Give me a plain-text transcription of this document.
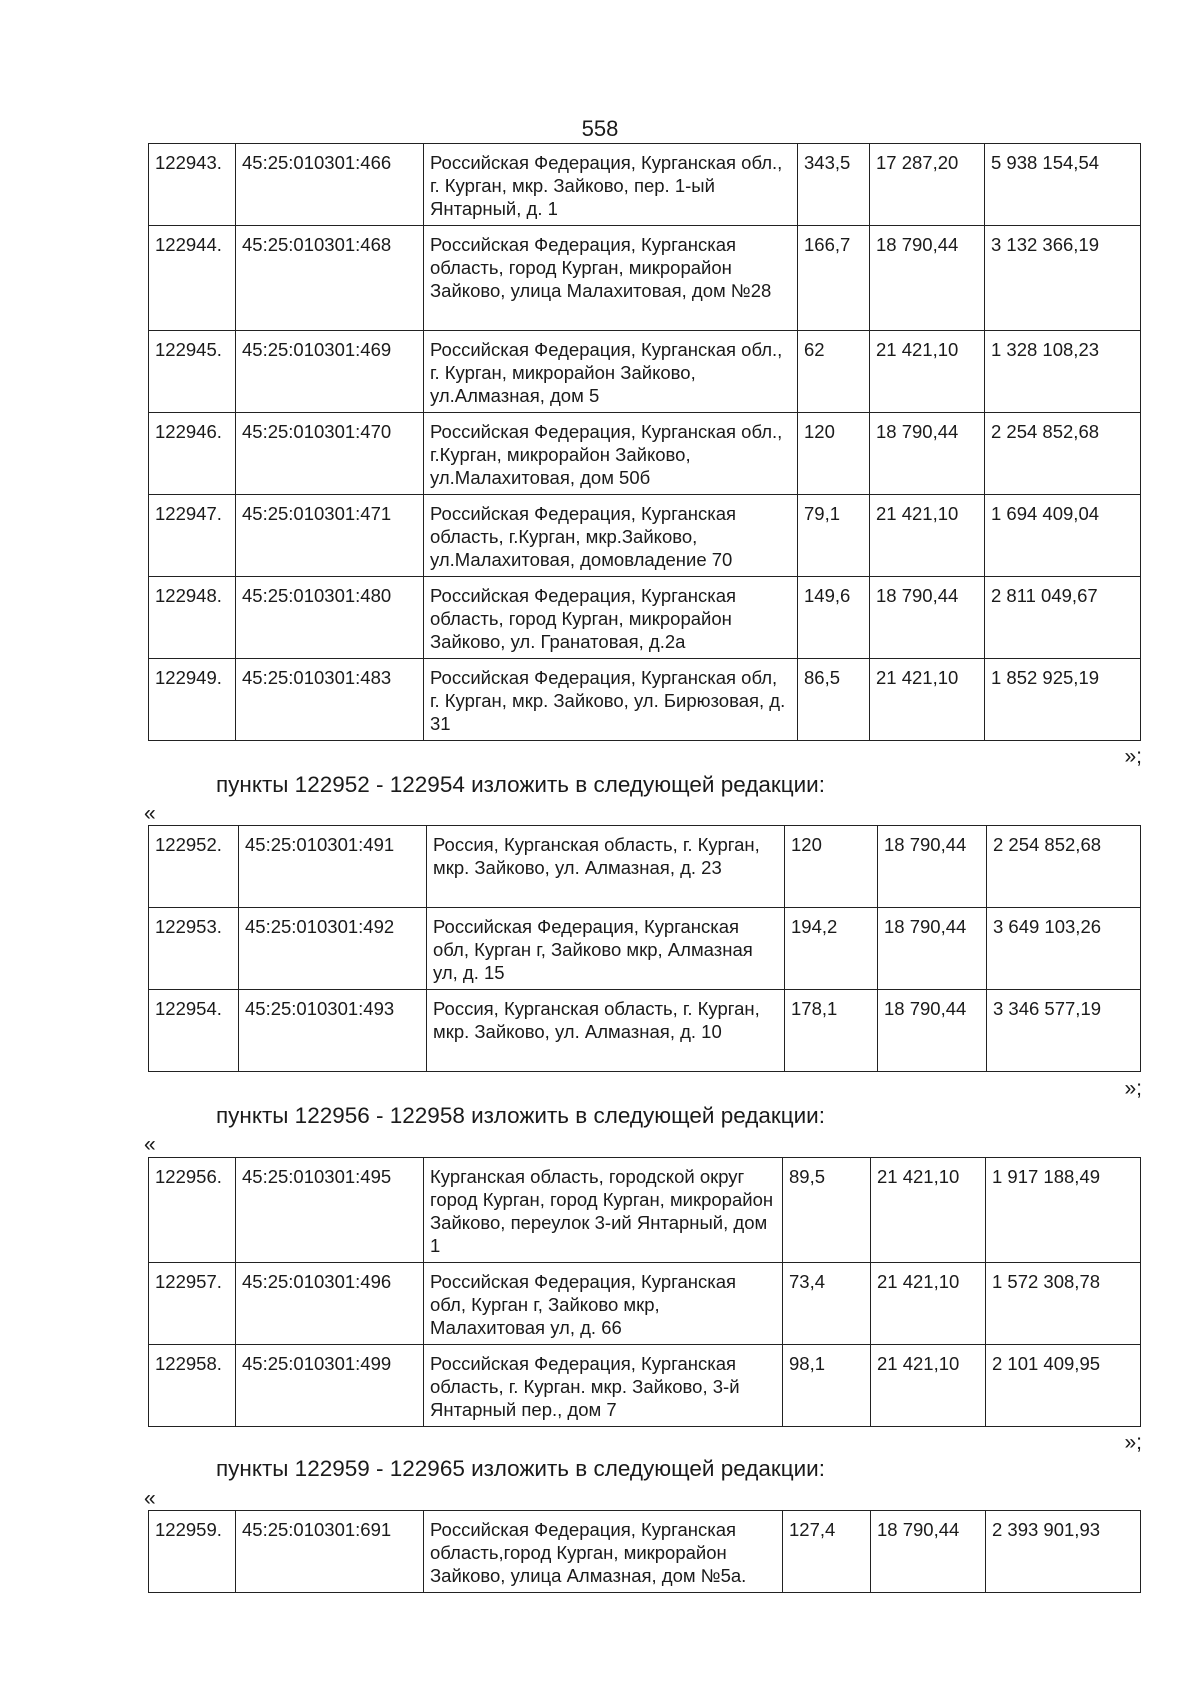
558
122943.	45:25:010301:466	Российская Федерация, Курганская обл., г. Курган, мкр. Зайково, пер. 1-ый Янтарный, д. 1	343,5	17 287,20	5 938 154,54
122944.	45:25:010301:468	Российская Федерация, Курганская область, город Курган, микрорайон Зайково, улица Малахитовая, дом №28	166,7	18 790,44	3 132 366,19
122945.	45:25:010301:469	Российская Федерация, Курганская обл., г. Курган, микрорайон Зайково, ул.Алмазная, дом 5	62	21 421,10	1 328 108,23
122946.	45:25:010301:470	Российская Федерация, Курганская обл., г.Курган, микрорайон Зайково, ул.Малахитовая, дом 50б	120	18 790,44	2 254 852,68
122947.	45:25:010301:471	Российская Федерация, Курганская область, г.Курган, мкр.Зайково, ул.Малахитовая, домовладение 70	79,1	21 421,10	1 694 409,04
122948.	45:25:010301:480	Российская Федерация, Курганская область, город Курган, микрорайон Зайково, ул. Гранатовая, д.2а	149,6	18 790,44	2 811 049,67
122949.	45:25:010301:483	Российская Федерация, Курганская обл, г. Курган, мкр. Зайково, ул. Бирюзовая, д. 31	86,5	21 421,10	1 852 925,19
»;
пункты 122952 - 122954 изложить в следующей редакции:
«
122952.	45:25:010301:491	Россия, Курганская область, г. Курган, мкр. Зайково, ул. Алмазная, д. 23	120	18 790,44	2 254 852,68
122953.	45:25:010301:492	Российская Федерация, Курганская обл, Курган г, Зайково мкр, Алмазная ул, д. 15	194,2	18 790,44	3 649 103,26
122954.	45:25:010301:493	Россия, Курганская область, г. Курган, мкр. Зайково, ул. Алмазная, д. 10	178,1	18 790,44	3 346 577,19
»;
пункты 122956 - 122958 изложить в следующей редакции:
«
122956.	45:25:010301:495	Курганская область, городской округ город Курган, город Курган, микрорайон Зайково, переулок 3-ий Янтарный, дом 1	89,5	21 421,10	1 917 188,49
122957.	45:25:010301:496	Российская Федерация, Курганская обл, Курган г, Зайково мкр, Малахитовая ул, д. 66	73,4	21 421,10	1 572 308,78
122958.	45:25:010301:499	Российская Федерация, Курганская область, г. Курган. мкр. Зайково, 3-й Янтарный пер., дом 7	98,1	21 421,10	2 101 409,95
»;
пункты 122959 - 122965 изложить в следующей редакции:
«
122959.	45:25:010301:691	Российская Федерация, Курганская область,город Курган, микрорайон Зайково, улица Алмазная, дом №5а.	127,4	18 790,44	2 393 901,93
